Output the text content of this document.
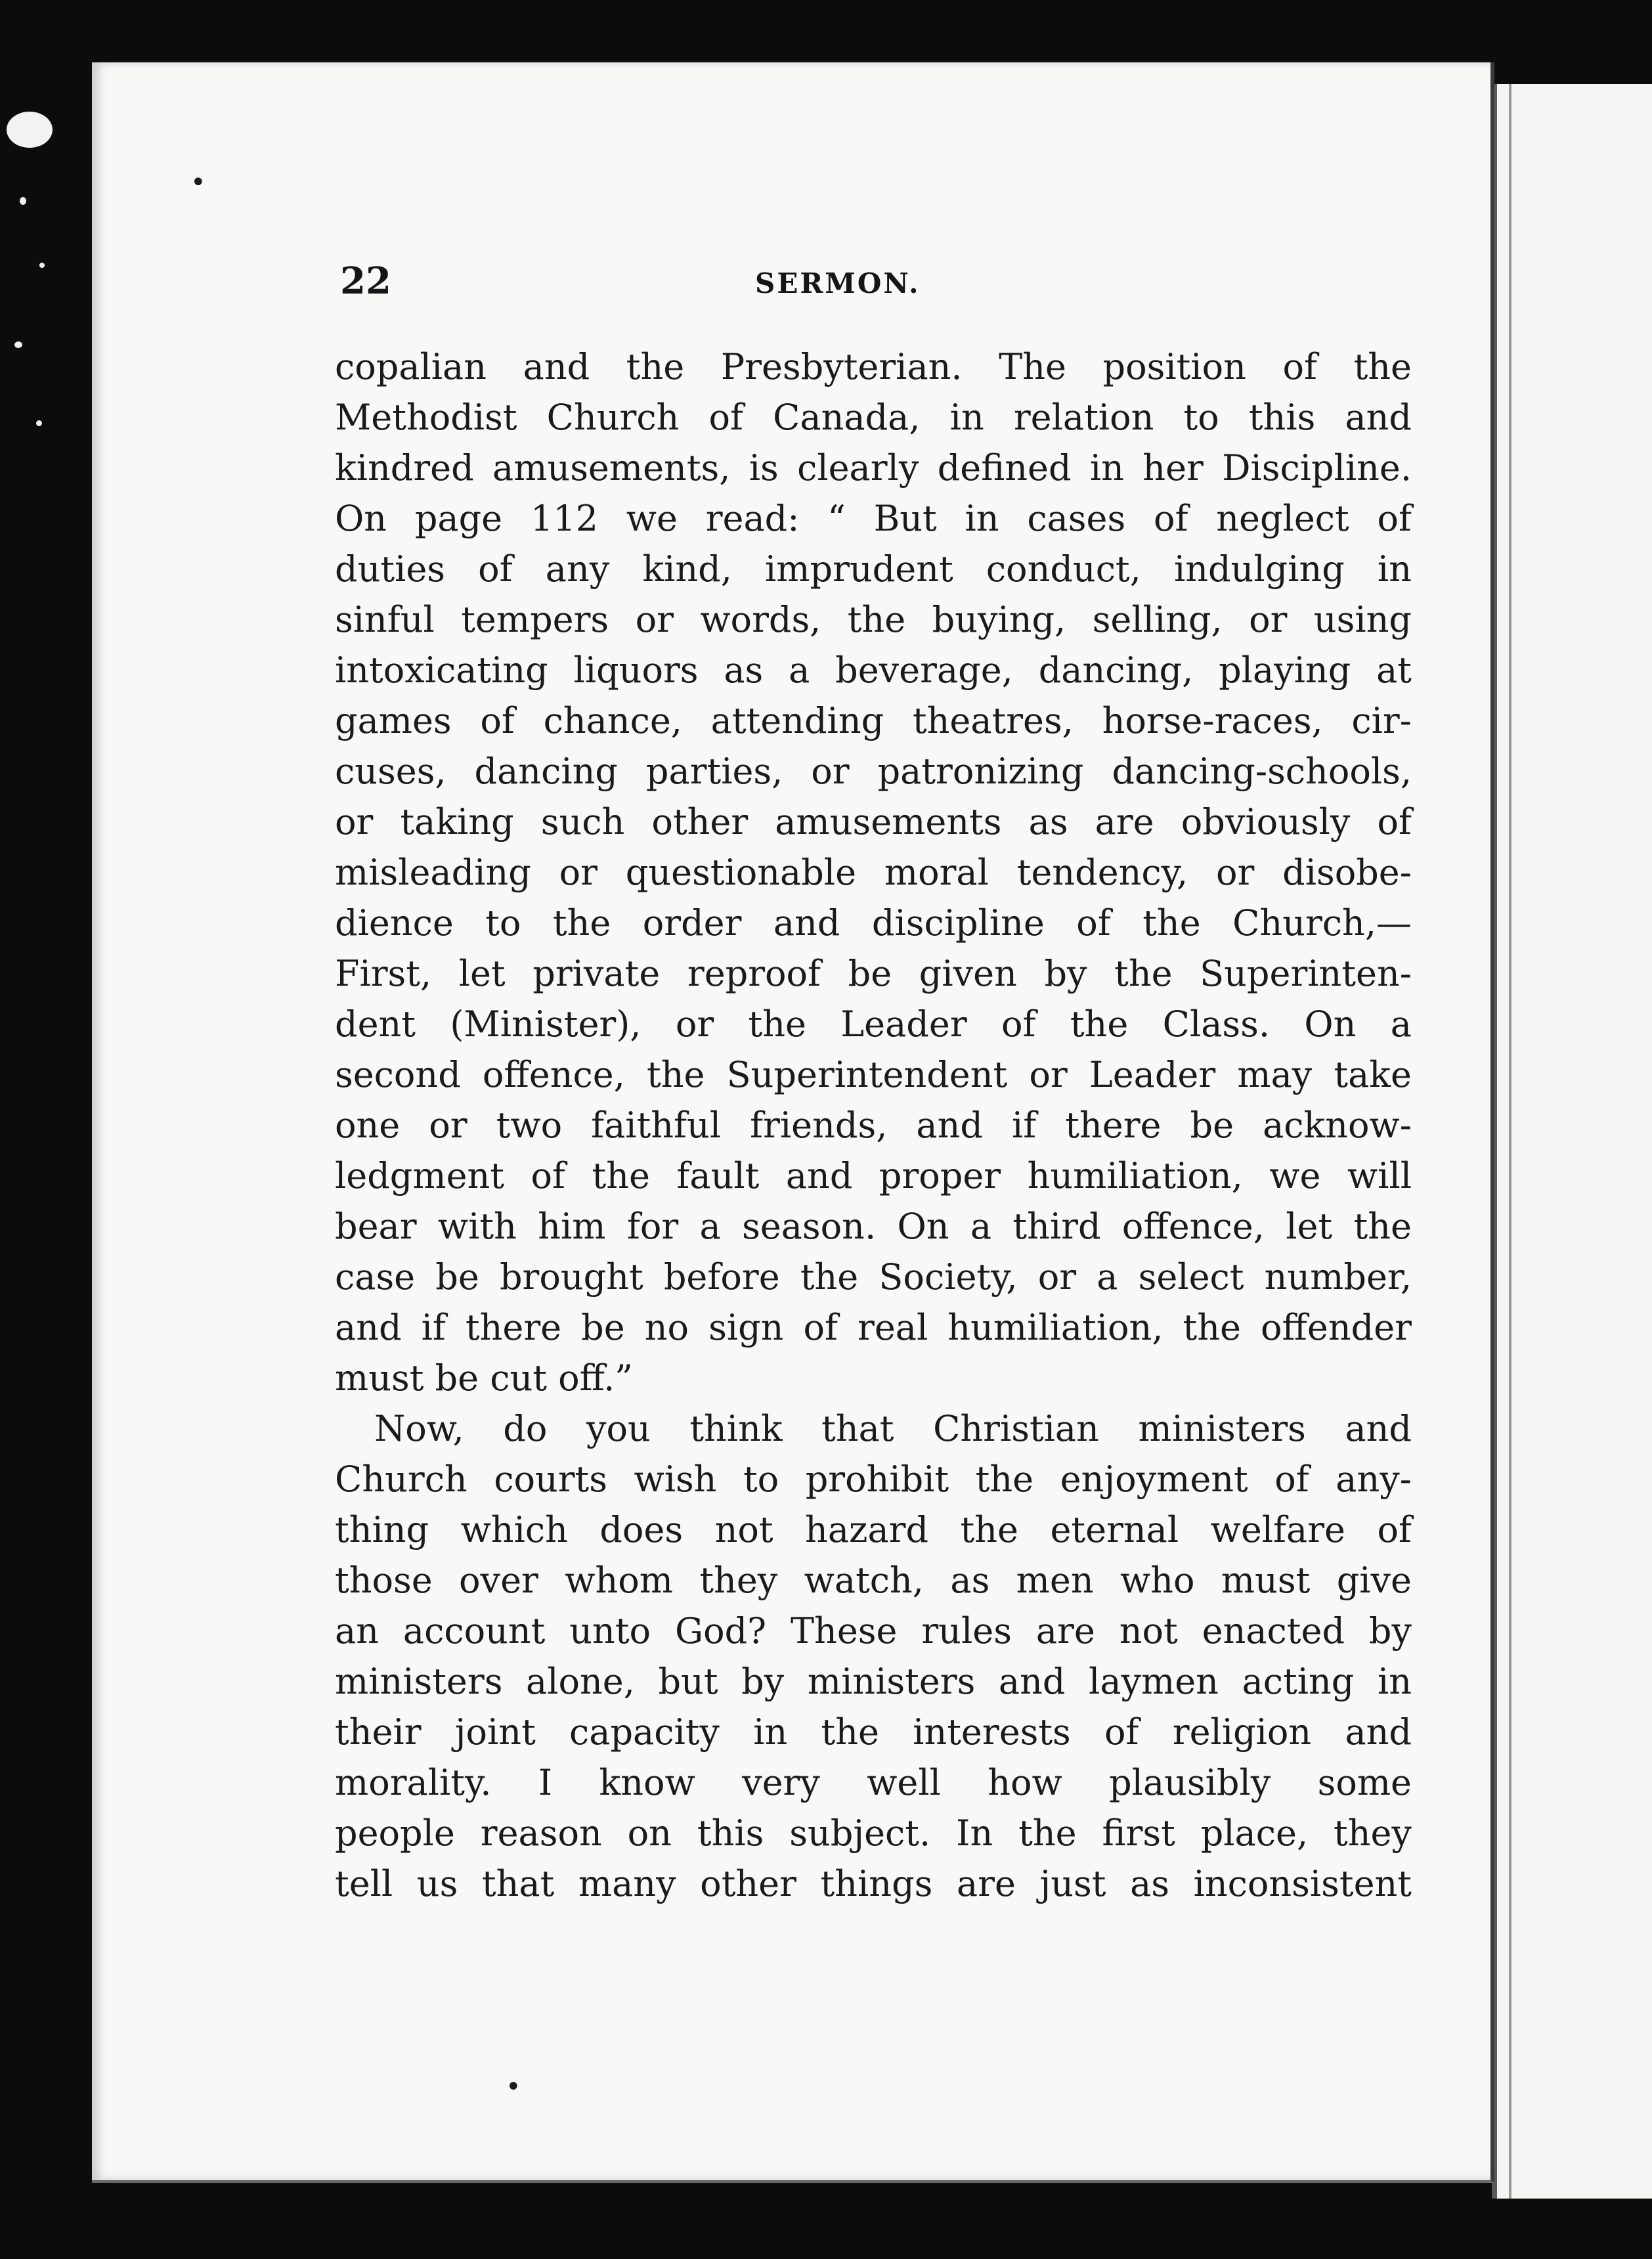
22	SERMON.
•
•
copalian and the Presbyterian. The position of the
Methodist Church of Canada, in relation to this and
kindred amusements, is clearly defined in her Discipline.
On page 112 we read: “ But in cases of neglect of
duties of any kind, imprudent conduct, indulging in
sinful tempers or words, the buying, selling, or using
intoxicating liquors as a beverage, dancing, playing at
games of chance, attending theatres, horse-races, cir-
cuses, dancing parties, or patronizing dancing-schools,
or taking such other amusements as are obviously of
misleading or questionable moral tendency, or disobe-
dience to the order and discipline of the Church,—
First, let private reproof be given by the Superinten-
dent (Minister), or the Leader of the Class. On a
second offence, the Superintendent or Leader may take
one or two faithful friends, and if there be acknow-
ledgment of the fault and proper humiliation, we will
bear with him for a season. On a third offence, let the
case be brought before the Society, or a select number,
and if there be no sign of real humiliation, the offender
must be cut off.”
Now, do you think that Christian ministers and
Church courts wish to prohibit the enjoyment of any-
thing which does not hazard the eternal welfare of
those over whom they watch, as men who must give
an account unto God? These rules are not enacted by
ministers alone, but by ministers and laymen acting in
their joint capacity in the interests of religion and
morality. I know very well how plausibly some
people reason on this subject. In the first place, they
tell us that many other things are just as inconsistent
